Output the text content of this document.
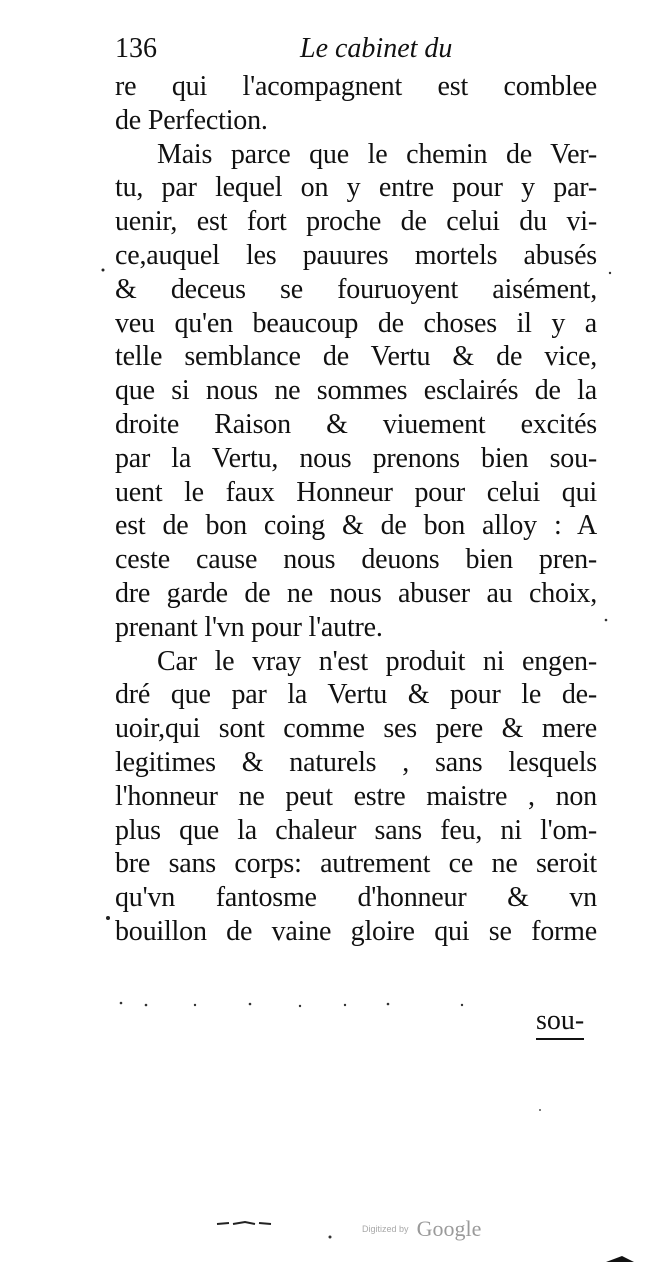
136	Le cabinet du
re qui l'acompagnent est comblee
de Perfection.
Mais parce que le chemin de Ver-
tu, par lequel on y entre pour y par-
uenir, est fort proche de celui du vi-
ce,auquel les pauures mortels abusés
& deceus se fouruoyent aisément,
veu qu'en beaucoup de choses il y a
telle semblance de Vertu & de vice,
que si nous ne sommes esclairés de la
droite Raison & viuement excités
par la Vertu, nous prenons bien sou-
uent le faux Honneur pour celui qui
est de bon coing & de bon alloy : A
ceste cause nous deuons bien pren-
dre garde de ne nous abuser au choix,
prenant l'vn pour l'autre.
Car le vray n'est produit ni engen-
dré que par la Vertu & pour le de-
uoir,qui sont comme ses pere & mere
legitimes & naturels , sans lesquels
l'honneur ne peut estre maistre , non
plus que la chaleur sans feu, ni l'om-
bre sans corps: autrement ce ne seroit
qu'vn fantosme d'honneur & vn
bouillon de vaine gloire qui se forme
sou-
Digitized by Google
